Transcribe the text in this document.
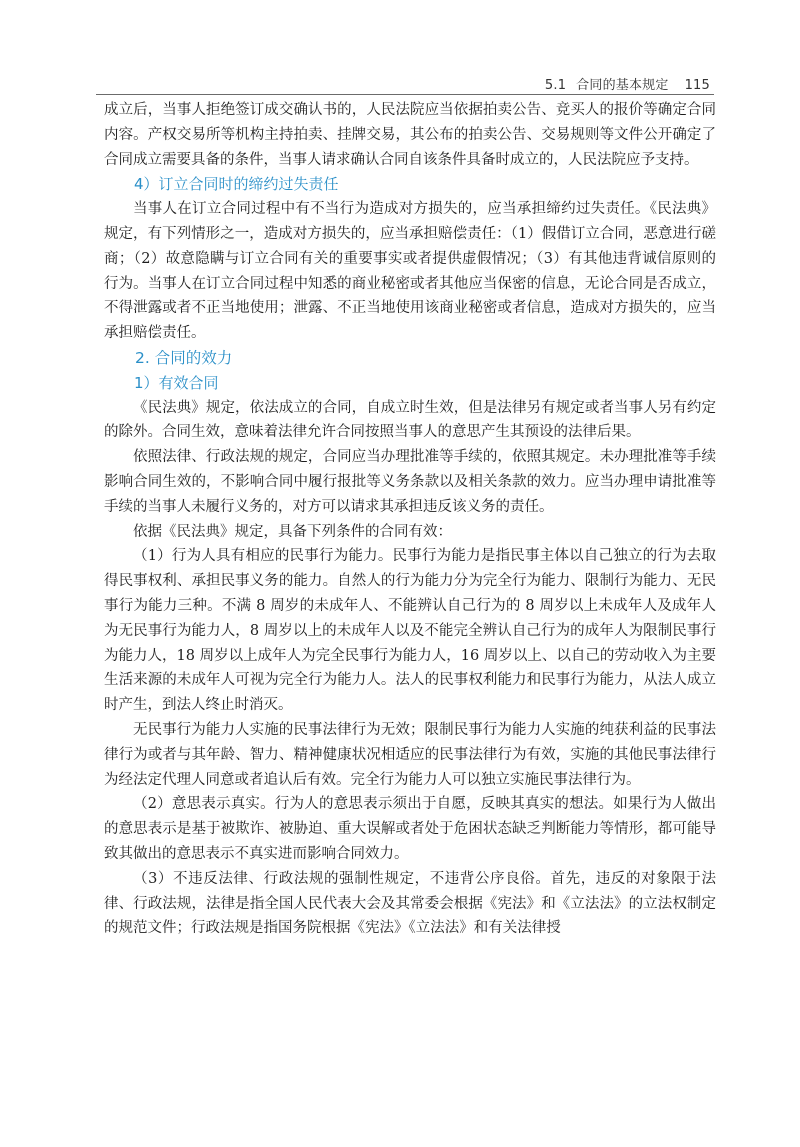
5.1 合同的基本规定 115

成立后，当事人拒绝签订成交确认书的，人民法院应当依据拍卖公告、竞买人的报价等确定合同内容。产权交易所等机构主持拍卖、挂牌交易，其公布的拍卖公告、交易规则等文件公开确定了合同成立需要具备的条件，当事人请求确认合同自该条件具备时成立的，人民法院应予支持。

4）订立合同时的缔约过失责任

当事人在订立合同过程中有不当行为造成对方损失的，应当承担缔约过失责任。《民法典》规定，有下列情形之一，造成对方损失的，应当承担赔偿责任：（1）假借订立合同，恶意进行磋商；（2）故意隐瞒与订立合同有关的重要事实或者提供虚假情况；（3）有其他违背诚信原则的行为。当事人在订立合同过程中知悉的商业秘密或者其他应当保密的信息，无论合同是否成立，不得泄露或者不正当地使用；泄露、不正当地使用该商业秘密或者信息，造成对方损失的，应当承担赔偿责任。

2. 合同的效力
1）有效合同

《民法典》规定，依法成立的合同，自成立时生效，但是法律另有规定或者当事人另有约定的除外。合同生效，意味着法律允许合同按照当事人的意思产生其预设的法律后果。

依照法律、行政法规的规定，合同应当办理批准等手续的，依照其规定。未办理批准等手续影响合同生效的，不影响合同中履行报批等义务条款以及相关条款的效力。应当办理申请批准等手续的当事人未履行义务的，对方可以请求其承担违反该义务的责任。

依据《民法典》规定，具备下列条件的合同有效：

（1）行为人具有相应的民事行为能力。民事行为能力是指民事主体以自己独立的行为去取得民事权利、承担民事义务的能力。自然人的行为能力分为完全行为能力、限制行为能力、无民事行为能力三种。不满 8 周岁的未成年人、不能辨认自己行为的 8 周岁以上未成年人及成年人为无民事行为能力人，8 周岁以上的未成年人以及不能完全辨认自己行为的成年人为限制民事行为能力人，18 周岁以上成年人为完全民事行为能力人，16 周岁以上、以自己的劳动收入为主要生活来源的未成年人可视为完全行为能力人。法人的民事权利能力和民事行为能力，从法人成立时产生，到法人终止时消灭。

无民事行为能力人实施的民事法律行为无效；限制民事行为能力人实施的纯获利益的民事法律行为或者与其年龄、智力、精神健康状况相适应的民事法律行为有效，实施的其他民事法律行为经法定代理人同意或者追认后有效。完全行为能力人可以独立实施民事法律行为。

（2）意思表示真实。行为人的意思表示须出于自愿，反映其真实的想法。如果行为人做出的意思表示是基于被欺诈、被胁迫、重大误解或者处于危困状态缺乏判断能力等情形，都可能导致其做出的意思表示不真实进而影响合同效力。

（3）不违反法律、行政法规的强制性规定，不违背公序良俗。首先，违反的对象限于法律、行政法规，法律是指全国人民代表大会及其常委会根据《宪法》和《立法法》的立法权制定的规范文件；行政法规是指国务院根据《宪法》《立法法》和有关法律授
